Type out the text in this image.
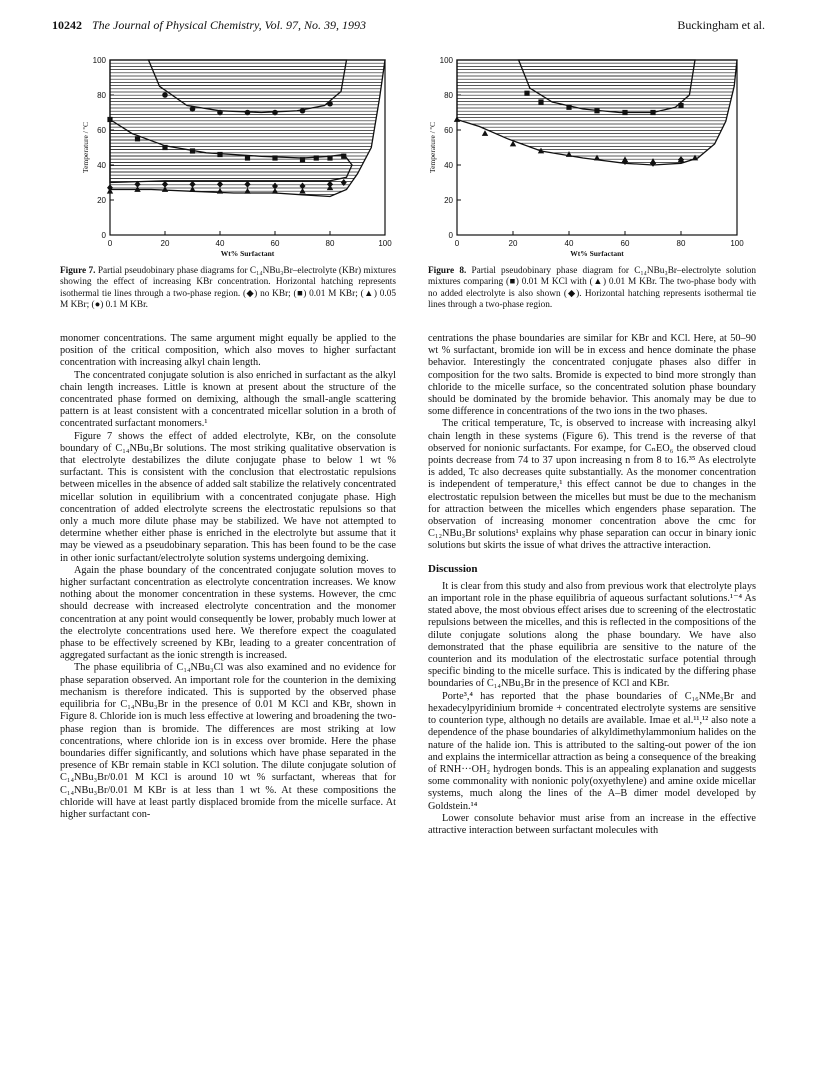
10242 The Journal of Physical Chemistry, Vol. 97, No. 39, 1993	Buckingham et al.
0	20	40	60	80	100
0
20
40
60
80
100
Wt% Surfactant
Temperature / ºC
Figure 7. Partial pseudobinary phase diagrams for C₁₄NBu₃Br–electrolyte (KBr) mixtures showing the effect of increasing KBr concentration. Horizontal hatching represents isothermal tie lines through a two-phase region. (◆) no KBr; (■) 0.01 M KBr; (▲) 0.05 M KBr; (●) 0.1 M KBr.
0	20	40	60	80	100
0
20
40
60
80
100
Wt% Surfactant
Temperature / ºC
Figure 8. Partial pseudobinary phase diagram for C₁₄NBu₃Br–electrolyte solution mixtures comparing (■) 0.01 M KCl with (▲) 0.01 M KBr. The two-phase body with no added electrolyte is also shown (◆). Horizontal hatching represents isothermal tie lines through a two-phase region.

monomer concentrations. The same argument might equally be applied to the position of the critical composition, which also moves to higher surfactant concentration with increasing alkyl chain length.

The concentrated conjugate solution is also enriched in surfactant as the alkyl chain length increases. Little is known at present about the structure of the concentrated phase formed on demixing, although the small-angle scattering pattern is at least consistent with a concentrated micellar solution in a broth of concentrated surfactant monomers.¹

Figure 7 shows the effect of added electrolyte, KBr, on the consolute boundary of C₁₄NBu₃Br solutions. The most striking qualitative observation is that electrolyte destabilizes the dilute conjugate phase to below 1 wt % surfactant. This is consistent with the conclusion that electrostatic repulsions between micelles in the absence of added salt stabilize the relatively concentrated micellar solution in equilibrium with a concentrated conjugate phase. High concentration of added electrolyte screens the electrostatic repulsions so that only a much more dilute phase may be stabilized. We have not attempted to determine whether either phase is enriched in the electrolyte but assume that it may be viewed as a pseudobinary separation. This has been found to be the case in other ionic surfactant/electrolyte solution systems undergoing demixing.

Again the phase boundary of the concentrated conjugate solution moves to higher surfactant concentration as electrolyte concentration increases. We know nothing about the monomer concentration in these systems. However, the cmc should decrease with increased electrolyte concentration and the monomer concentration at any point would consequently be lower, probably much lower at the electrolyte concentrations used here. We therefore expect the coagulated phase to be effectively screened by KBr, leading to a greater concentration of aggregated surfactant as the ionic strength is increased.

The phase equilibria of C₁₄NBu₃Cl was also examined and no evidence for phase separation observed. An important role for the counterion in the demixing mechanism is therefore indicated. This is supported by the observed phase equilibria for C₁₄NBu₃Br in the presence of 0.01 M KCl and KBr, shown in Figure 8. Chloride ion is much less effective at lowering and broadening the two-phase region than is bromide. The differences are most striking at low concentrations, where chloride ion is in excess over bromide. Here the phase boundaries differ significantly, and solutions which have phase separated in the presence of KBr remain stable in KCl solution. The dilute conjugate solution of C₁₄NBu₃Br/0.01 M KCl is around 10 wt % surfactant, whereas that for C₁₄NBu₃Br/0.01 M KBr is at less than 1 wt %. At these compositions the chloride will have at least partly displaced bromide from the micelle surface. At higher surfactant con-

centrations the phase boundaries are similar for KBr and KCl. Here, at 50–90 wt % surfactant, bromide ion will be in excess and hence dominate the phase behavior. Interestingly the concentrated conjugate phases also differ in composition for the two salts. Bromide is expected to bind more strongly than chloride to the micelle surface, so the concentrated solution phase boundary should be dominated by the bromide behavior. This anomaly may be due to some difference in concentrations of the two ions in the two phases.

The critical temperature, Tc, is observed to increase with increasing alkyl chain length in these systems (Figure 6). This trend is the reverse of that observed for nonionic surfactants. For exampe, for CₙEO₆ the observed cloud points decrease from 74 to 37 upon increasing n from 8 to 16.³⁵ As electrolyte is added, Tc also decreases quite substantially. As the monomer concentration is independent of temperature,¹ this effect cannot be due to changes in the electrostatic repulsion between the micelles but must be due to the mechanism for attraction between the micelles which engenders phase separation. The observation of increasing monomer concentration above the cmc for C₁₂NBu₃Br solutions¹ explains why phase separation can occur in binary ionic solutions but skirts the issue of what drives the attractive interaction.

Discussion

It is clear from this study and also from previous work that electrolyte plays an important role in the phase equilibria of aqueous surfactant solutions.¹⁻⁴ As stated above, the most obvious effect arises due to screening of the electrostatic repulsions between the micelles, and this is reflected in the compositions of the dilute conjugate solutions along the phase boundary. We have also demonstrated that the phase equilibria are sensitive to the nature of the counterion and its modulation of the electrostatic surface potential through specific binding to the micelle surface. This is indicated by the differing phase boundaries of C₁₄NBu₃Br in the presence of KCl and KBr.

Porte³,⁴ has reported that the phase boundaries of C₁₆NMe₃Br and hexadecylpyridinium bromide + concentrated electrolyte systems are sensitive to counterion type, although no details are available. Imae et al.¹¹,¹² also note a dependence of the phase boundaries of alkyldimethylammonium halides on the nature of the halide ion. This is attributed to the salting-out power of the ion and explains the intermicellar attraction as being a consequence of the breaking of RNH···OH₂ hydrogen bonds. This is an appealing explanation and suggests some commonality with nonionic poly(oxyethylene) and amine oxide micellar systems, much along the lines of the A–B dimer model developed by Goldstein.¹⁴

Lower consolute behavior must arise from an increase in the effective attractive interaction between surfactant molecules with
